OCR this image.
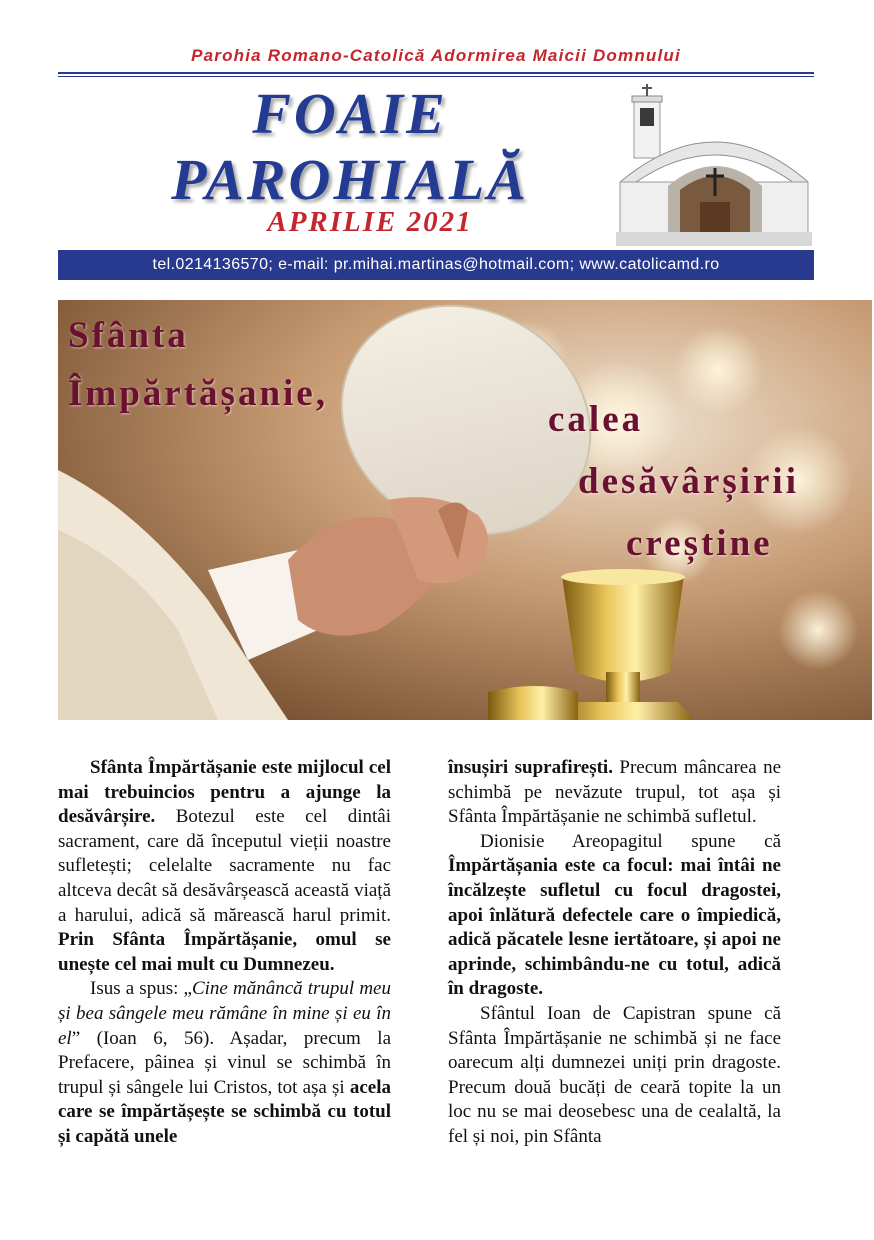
Parohia Romano-Catolică Adormirea Maicii Domnului
FOAIE
PAROHIALĂ
APRILIE 2021
tel.0214136570; e-mail: pr.mihai.martinas@hotmail.com; www.catolicamd.ro
Sfânta
Împărtășanie,
calea
desăvârșirii
creștine

Sfânta Împărtășanie este mijlocul cel mai trebuincios pentru a ajunge la desăvârșire. Botezul este cel dintâi sacrament, care dă începutul vieții noastre sufletești; celelalte sacramente nu fac altceva decât să desăvârșească această viață a harului, adică să mărească harul primit. Prin Sfânta Împărtășanie, omul se unește cel mai mult cu Dumnezeu.

Isus a spus: „Cine mănâncă trupul meu și bea sângele meu rămâne în mine și eu în el” (Ioan 6, 56). Așadar, precum la Prefacere, pâinea și vinul se schimbă în trupul și sângele lui Cristos, tot așa și acela care se împărtășește se schimbă cu totul și capătă unele

însușiri suprafirești. Precum mâncarea ne schimbă pe nevăzute trupul, tot așa și Sfânta Împărtășanie ne schimbă sufletul.

Dionisie Areopagitul spune că Împărtășania este ca focul: mai întâi ne încălzește sufletul cu focul dragostei, apoi înlătură defectele care o împiedică, adică păcatele lesne iertătoare, și apoi ne aprinde, schimbându-ne cu totul, adică în dragoste.

Sfântul Ioan de Capistran spune că Sfânta Împărtășanie ne schimbă și ne face oarecum alți dumnezei uniți prin dragoste. Precum două bucăți de ceară topite la un loc nu se mai deosebesc una de cealaltă, la fel și noi, pin Sfânta
